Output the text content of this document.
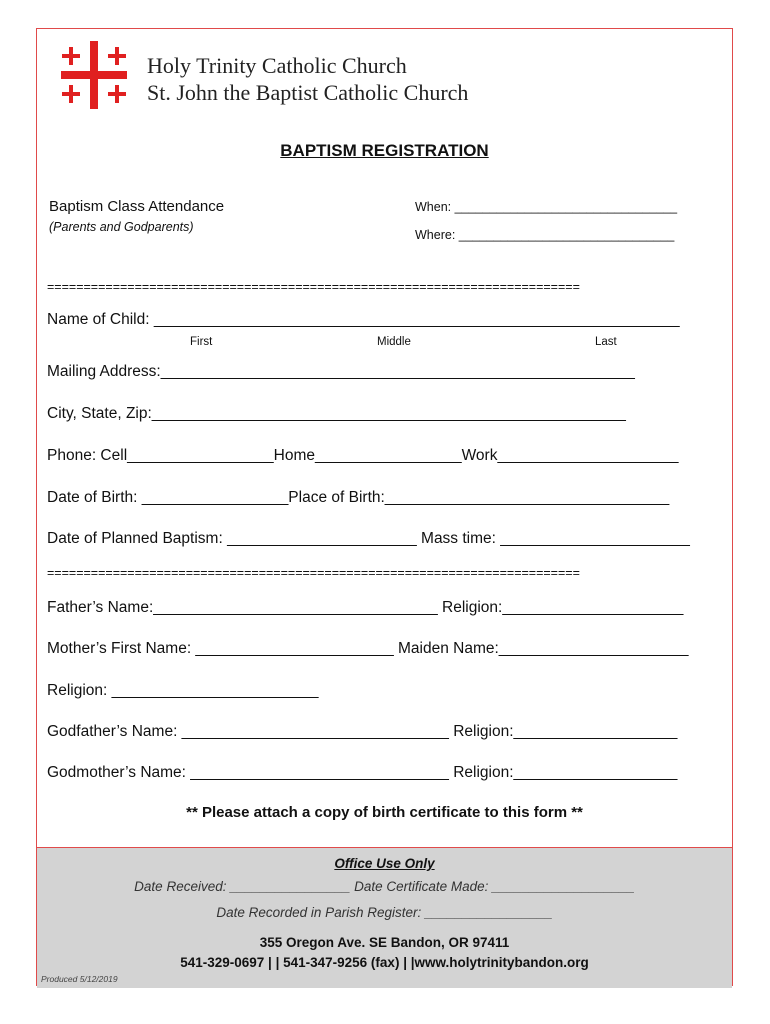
Holy Trinity Catholic Church
St. John the Baptist Catholic Church
BAPTISM REGISTRATION
Baptism Class Attendance
(Parents and Godparents)
When: ________________________________
Where: _______________________________
=========================================================================
Name of Child: _____________________________________________________________
First	Middle	Last
Mailing Address:_______________________________________________________
City, State, Zip:_______________________________________________________
Phone: Cell_________________Home_________________Work_____________________
Date of Birth: _________________Place of Birth:_________________________________
Date of Planned Baptism: ______________________ Mass time: ______________________
=========================================================================
Father’s Name:_________________________________ Religion:_____________________
Mother’s First Name: _______________________ Maiden Name:______________________
Religion: ________________________
Godfather’s Name: _______________________________ Religion:___________________
Godmother’s Name: ______________________________ Religion:___________________
** Please attach a copy of birth certificate to this form **
Office Use Only
Date Received: ________________ Date Certificate Made: ___________________
Date Recorded in Parish Register: _________________
355 Oregon Ave. SE Bandon, OR 97411
541-329-0697 | | 541-347-9256 (fax) | |www.holytrinitybandon.org
Produced 5/12/2019
